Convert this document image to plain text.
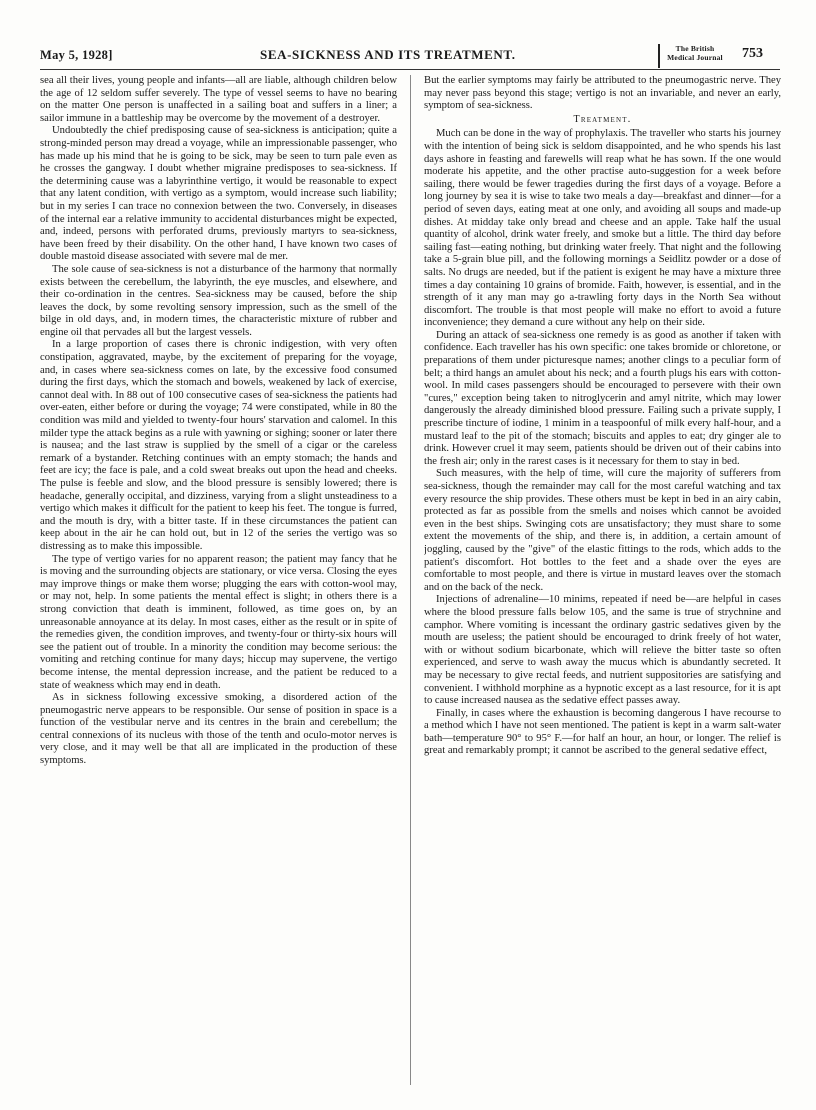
May 5, 1928]	SEA-SICKNESS AND ITS TREATMENT.	The British
Medical Journal 753

sea all their lives, young people and infants—all are liable, although children below the age of 12 seldom suffer severely. The type of vessel seems to have no bearing on the matter One person is unaffected in a sailing boat and suffers in a liner; a sailor immune in a battleship may be overcome by the movement of a destroyer.

Undoubtedly the chief predisposing cause of sea-sickness is anticipation; quite a strong-minded person may dread a voyage, while an impressionable passenger, who has made up his mind that he is going to be sick, may be seen to turn pale even as he crosses the gangway. I doubt whether migraine predisposes to sea-sickness. If the determining cause was a labyrinthine vertigo, it would be reasonable to expect that any latent condition, with vertigo as a symptom, would increase such liability; but in my series I can trace no connexion between the two. Conversely, in diseases of the internal ear a relative immunity to accidental disturbances might be expected, and, indeed, persons with perforated drums, previously martyrs to sea-sickness, have been freed by their disability. On the other hand, I have known two cases of double mastoid disease associated with severe mal de mer.

The sole cause of sea-sickness is not a disturbance of the harmony that normally exists between the cerebellum, the labyrinth, the eye muscles, and elsewhere, and their co-ordination in the centres. Sea-sickness may be caused, before the ship leaves the dock, by some revolting sensory impression, such as the smell of the bilge in old days, and, in modern times, the characteristic mixture of rubber and engine oil that pervades all but the largest vessels.

In a large proportion of cases there is chronic indigestion, with very often constipation, aggravated, maybe, by the excitement of preparing for the voyage, and, in cases where sea-sickness comes on late, by the excessive food consumed during the first days, which the stomach and bowels, weakened by lack of exercise, cannot deal with. In 88 out of 100 consecutive cases of sea-sickness the patients had over-eaten, either before or during the voyage; 74 were constipated, while in 80 the condition was mild and yielded to twenty-four hours' starvation and calomel. In this milder type the attack begins as a rule with yawning or sighing; sooner or later there is nausea; and the last straw is supplied by the smell of a cigar or the careless remark of a bystander. Retching continues with an empty stomach; the hands and feet are icy; the face is pale, and a cold sweat breaks out upon the head and cheeks. The pulse is feeble and slow, and the blood pressure is sensibly lowered; there is headache, generally occipital, and dizziness, varying from a slight unsteadiness to a vertigo which makes it difficult for the patient to keep his feet. The tongue is furred, and the mouth is dry, with a bitter taste. If in these circumstances the patient can keep about in the air he can hold out, but in 12 of the series the vertigo was so distressing as to make this impossible.

The type of vertigo varies for no apparent reason; the patient may fancy that he is moving and the surrounding objects are stationary, or vice versa. Closing the eyes may improve things or make them worse; plugging the ears with cotton-wool may, or may not, help. In some patients the mental effect is slight; in others there is a strong conviction that death is imminent, followed, as time goes on, by an unreasonable annoyance at its delay. In most cases, either as the result or in spite of the remedies given, the condition improves, and twenty-four or thirty-six hours will see the patient out of trouble. In a minority the condition may become serious: the vomiting and retching continue for many days; hiccup may supervene, the vertigo become intense, the mental depression increase, and the patient be reduced to a state of weakness which may end in death.

As in sickness following excessive smoking, a disordered action of the pneumogastric nerve appears to be responsible. Our sense of position in space is a function of the vestibular nerve and its centres in the brain and cerebellum; the central connexions of its nucleus with those of the tenth and oculo-motor nerves is very close, and it may well be that all are implicated in the production of these symptoms.

But the earlier symptoms may fairly be attributed to the pneumogastric nerve. They may never pass beyond this stage; vertigo is not an invariable, and never an early, symptom of sea-sickness.

Treatment.

Much can be done in the way of prophylaxis. The traveller who starts his journey with the intention of being sick is seldom disappointed, and he who spends his last days ashore in feasting and farewells will reap what he has sown. If the one would moderate his appetite, and the other practise auto-suggestion for a week before sailing, there would be fewer tragedies during the first days of a voyage. Before a long journey by sea it is wise to take two meals a day—breakfast and dinner—for a period of seven days, eating meat at one only, and avoiding all soups and made-up dishes. At midday take only bread and cheese and an apple. Take half the usual quantity of alcohol, drink water freely, and smoke but a little. The third day before sailing fast—eating nothing, but drinking water freely. That night and the following take a 5-grain blue pill, and the following mornings a Seidlitz powder or a dose of salts. No drugs are needed, but if the patient is exigent he may have a mixture three times a day containing 10 grains of bromide. Faith, however, is essential, and in the strength of it any man may go a-trawling forty days in the North Sea without discomfort. The trouble is that most people will make no effort to avoid a future inconvenience; they demand a cure without any help on their side.

During an attack of sea-sickness one remedy is as good as another if taken with confidence. Each traveller has his own specific: one takes bromide or chloretone, or preparations of them under picturesque names; another clings to a peculiar form of belt; a third hangs an amulet about his neck; and a fourth plugs his ears with cotton-wool. In mild cases passengers should be encouraged to persevere with their own "cures," exception being taken to nitroglycerin and amyl nitrite, which may lower dangerously the already diminished blood pressure. Failing such a private supply, I prescribe tincture of iodine, 1 minim in a teaspoonful of milk every half-hour, and a mustard leaf to the pit of the stomach; biscuits and apples to eat; dry ginger ale to drink. However cruel it may seem, patients should be driven out of their cabins into the fresh air; only in the rarest cases is it necessary for them to stay in bed.

Such measures, with the help of time, will cure the majority of sufferers from sea-sickness, though the remainder may call for the most careful watching and tax every resource the ship provides. These others must be kept in bed in an airy cabin, protected as far as possible from the smells and noises which cannot be avoided even in the best ships. Swinging cots are unsatisfactory; they must share to some extent the movements of the ship, and there is, in addition, a certain amount of joggling, caused by the "give" of the elastic fittings to the rods, which adds to the patient's discomfort. Hot bottles to the feet and a shade over the eyes are comfortable to most people, and there is virtue in mustard leaves over the stomach and on the back of the neck.

Injections of adrenaline—10 minims, repeated if need be—are helpful in cases where the blood pressure falls below 105, and the same is true of strychnine and camphor. Where vomiting is incessant the ordinary gastric sedatives given by the mouth are useless; the patient should be encouraged to drink freely of hot water, with or without sodium bicarbonate, which will relieve the bitter taste so often experienced, and serve to wash away the mucus which is abundantly secreted. It may be necessary to give rectal feeds, and nutrient suppositories are satisfying and convenient. I withhold morphine as a hypnotic except as a last resource, for it is apt to cause increased nausea as the sedative effect passes away.

Finally, in cases where the exhaustion is becoming dangerous I have recourse to a method which I have not seen mentioned. The patient is kept in a warm salt-water bath—temperature 90° to 95° F.—for half an hour, an hour, or longer. The relief is great and remarkably prompt; it cannot be ascribed to the general sedative effect,
